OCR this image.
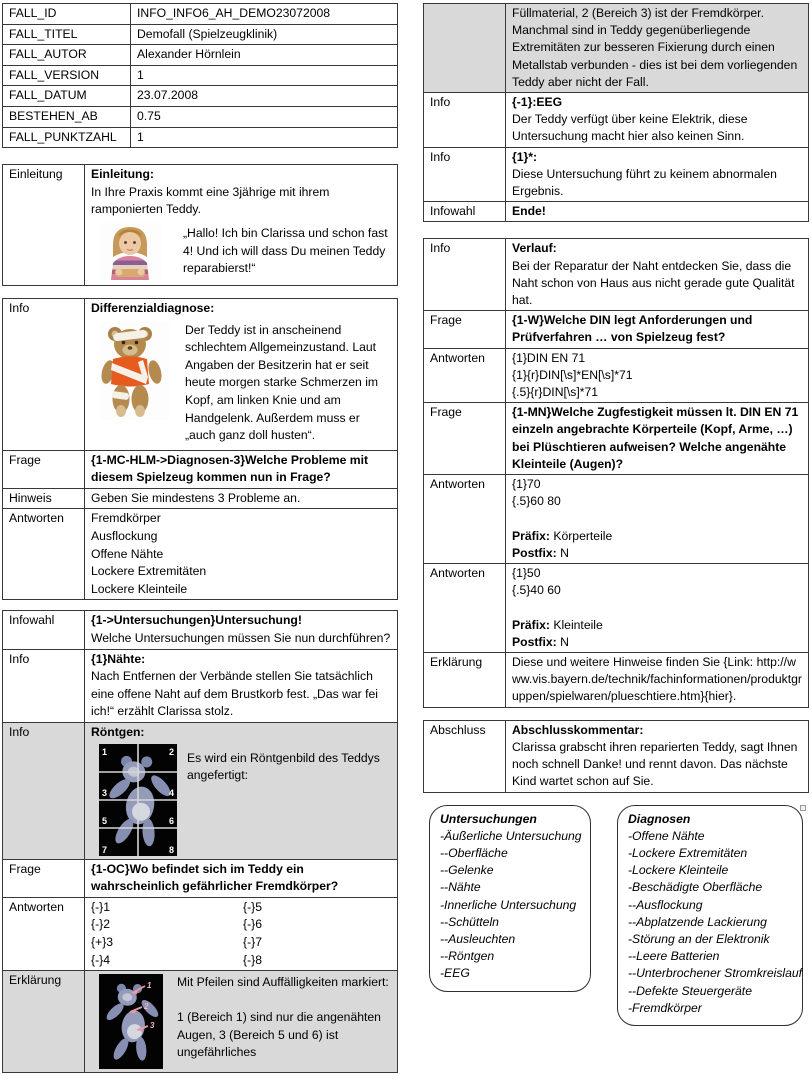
FALL_ID	INFO_INFO6_AH_DEMO23072008
FALL_TITEL	Demofall (Spielzeugklinik)
FALL_AUTOR	Alexander Hörnlein
FALL_VERSION	1
FALL_DATUM	23.07.2008
BESTEHEN_AB	0.75
FALL_PUNKTZAHL	1
Einleitung	Einleitung:
In Ihre Praxis kommt eine 3jährige mit ihrem ramponierten Teddy.
„Hallo! Ich bin Clarissa und schon fast 4! Und ich will dass Du meinen Teddy reparabierst!“
Info	Differenzialdiagnose:
Der Teddy ist in anscheinend schlechtem Allgemeinzustand. Laut Angaben der Besitzerin hat er seit heute morgen starke Schmerzen im Kopf, am linken Knie und am Handgelenk. Außerdem muss er „auch ganz doll husten“.
Frage	{1-MC-HLM->Diagnosen-3}Welche Probleme mit diesem Spielzeug kommen nun in Frage?
Hinweis	Geben Sie mindestens 3 Probleme an.
Antworten	Fremdkörper
Ausflockung
Offene Nähte
Lockere Extremitäten
Lockere Kleinteile
Infowahl	{1->Untersuchungen}Untersuchung!
Welche Untersuchungen müssen Sie nun durchführen?
Info	{1}Nähte:
Nach Entfernen der Verbände stellen Sie tatsächlich eine offene Naht auf dem Brustkorb fest. „Das war fei ich!“ erzählt Clarissa stolz.
Info	Röntgen:
1	2
3	4
5	6
7	8
Es wird ein Röntgenbild des Teddys angefertigt:
Frage	{1-OC}Wo befindet sich im Teddy ein wahrscheinlich gefährlicher Fremdkörper?
Antworten	{-}1	{-}5
{-}2	{-}6
{+}3	{-}7
{-}4	{-}8
Erklärung	1
2
3
Mit Pfeilen sind Auffälligkeiten markiert:
1 (Bereich 1) sind nur die angenähten Augen, 3 (Bereich 5 und 6) ist ungefährliches
Füllmaterial, 2 (Bereich 3) ist der Fremdkörper. Manchmal sind in Teddy gegenüberliegende Extremitäten zur besseren Fixierung durch einen Metallstab verbunden - dies ist bei dem vorliegenden Teddy aber nicht der Fall.
Info	{-1}:EEG
Der Teddy verfügt über keine Elektrik, diese Untersuchung macht hier also keinen Sinn.
Info	{1}*:
Diese Untersuchung führt zu keinem abnormalen Ergebnis.
Infowahl	Ende!
Info	Verlauf:
Bei der Reparatur der Naht entdecken Sie, dass die Naht schon von Haus aus nicht gerade gute Qualität hat.
Frage	{1-W}Welche DIN legt Anforderungen und Prüfverfahren … von Spielzeug fest?
Antworten	{1}DIN EN 71
{1}{r}DIN[\s]*EN[\s]*71
{.5}{r}DIN[\s]*71
Frage	{1-MN}Welche Zugfestigkeit müssen lt. DIN EN 71 einzeln angebrachte Körperteile (Kopf, Arme, …) bei Plüschtieren aufweisen? Welche angenähte Kleinteile (Augen)?
Antworten	{1}70
{.5}60 80
Präfix: Körperteile
Postfix: N
Antworten	{1}50
{.5}40 60
Präfix: Kleinteile
Postfix: N
Erklärung	Diese und weitere Hinweise finden Sie {Link: http://www.vis.bayern.de/technik/fachinformationen/produktgruppen/spielwaren/plueschtiere.htm}{hier}.
Abschluss	Abschlusskommentar:
Clarissa grabscht ihren reparierten Teddy, sagt Ihnen noch schnell Danke! und rennt davon. Das nächste Kind wartet schon auf Sie.
Untersuchungen
-Äußerliche Untersuchung
--Oberfläche
--Gelenke
--Nähte
-Innerliche Untersuchung
--Schütteln
--Ausleuchten
--Röntgen
-EEG
Diagnosen
-Offene Nähte
-Lockere Extremitäten
-Lockere Kleinteile
-Beschädigte Oberfläche
--Ausflockung
--Abplatzende Lackierung
-Störung an der Elektronik
--Leere Batterien
--Unterbrochener Stromkreislauf
--Defekte Steuergeräte
-Fremdkörper
